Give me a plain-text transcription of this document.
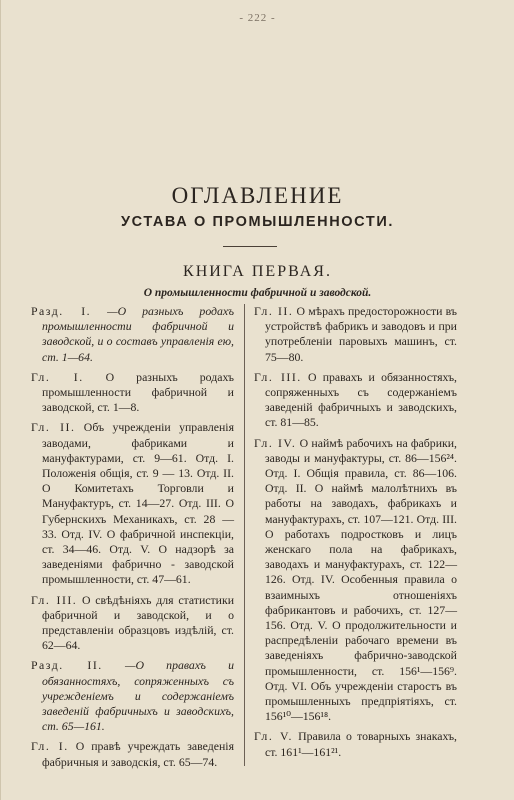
- 222 -
ОГЛАВЛЕНИЕ
УСТАВА О ПРОМЫШЛЕННОСТИ.
КНИГА ПЕРВАЯ.
О промышленности фабричной и заводской.

Разд. I. —О разныхъ родахъ промышленности фабричной и заводской, и о составъ управленія ею, ст. 1—64.

Гл. I. О разныхъ родахъ промышленности фабричной и заводской, ст. 1—8.

Гл. II. Объ учрежденіи управленія заводами, фабриками и мануфактурами, ст. 9—61. Отд. I. Положенія общія, ст. 9 — 13. Отд. II. О Комитетахъ Торговли и Мануфактуръ, ст. 14—27. Отд. III. О Губернскихъ Механикахъ, ст. 28 — 33. Отд. IV. О фабричной инспекціи, ст. 34—46. Отд. V. О надзорѣ за заведеніями фабрично - заводской промышленности, ст. 47—61.

Гл. III. О свѣдѣніяхъ для статистики фабричной и заводской, и о представленіи образцовъ издѣлій, ст. 62—64.

Разд. II. —О правахъ и обязанностяхъ, сопряженныхъ съ учрежденіемъ и содержаніемъ заведеній фабричныхъ и заводскихъ, ст. 65—161.

Гл. I. О правѣ учреждать заведенія фабричныя и заводскія, ст. 65—74.

Гл. II. О мѣрахъ предосторожности въ устройствѣ фабрикъ и заводовъ и при употребленіи паровыхъ машинъ, ст. 75—80.

Гл. III. О правахъ и обязанностяхъ, сопряженныхъ съ содержаніемъ заведеній фабричныхъ и заводскихъ, ст. 81—85.

Гл. IV. О наймѣ рабочихъ на фабрики, заводы и мануфактуры, ст. 86—156²⁴. Отд. I. Общія правила, ст. 86—106. Отд. II. О наймѣ малолѣтнихъ въ работы на заводахъ, фабрикахъ и мануфактурахъ, ст. 107—121. Отд. III. О работахъ подростковъ и лицъ женскаго пола на фабрикахъ, заводахъ и мануфактурахъ, ст. 122—126. Отд. IV. Особенныя правила о взаимныхъ отношеніяхъ фабрикантовъ и рабочихъ, ст. 127—156. Отд. V. О продолжительности и распредѣленіи рабочаго времени въ заведеніяхъ фабрично-заводской промышленности, ст. 156¹—156⁹. Отд. VI. Объ учрежденіи старостъ въ промышленныхъ предпріятіяхъ, ст. 156¹⁰—156¹⁸.

Гл. V. Правила о товарныхъ знакахъ, ст. 161¹—161²¹.
